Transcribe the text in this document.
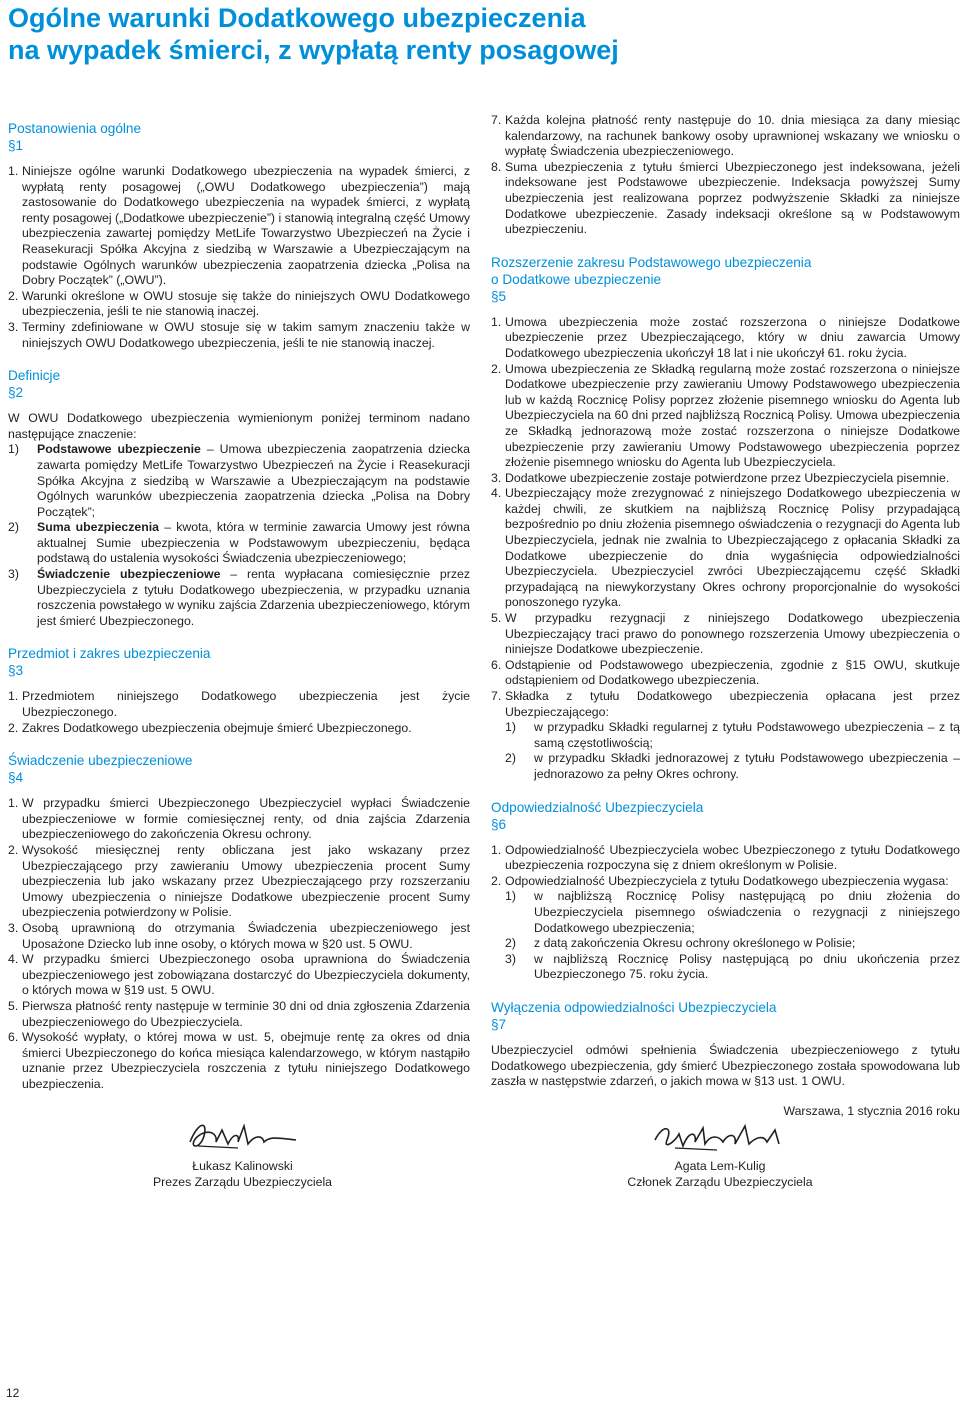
Ogólne warunki Dodatkowego ubezpieczenia
na wypadek śmierci, z wypłatą renty posagowej

Postanowienia ogólne

§1

1. Niniejsze ogólne warunki Dodatkowego ubezpieczenia na wypadek śmierci, z wypłatą renty posagowej („OWU Dodatkowego ubezpieczenia”) mają zastosowanie do Dodatkowego ubezpieczenia na wypadek śmierci, z wypłatą renty posagowej („Dodatkowe ubezpieczenie”) i stanowią integralną część Umowy ubezpieczenia zawartej pomiędzy MetLife Towarzystwo Ubezpieczeń na Życie i Reasekuracji Spółka Akcyjna z siedzibą w Warszawie a Ubezpieczającym na podstawie Ogólnych warunków ubezpieczenia zaopatrzenia dziecka „Polisa na Dobry Początek” („OWU”).

2. Warunki określone w OWU stosuje się także do niniejszych OWU Dodatkowego ubezpieczenia, jeśli te nie stanowią inaczej.

3. Terminy zdefiniowane w OWU stosuje się w takim samym znaczeniu także w niniejszych OWU Dodatkowego ubezpieczenia, jeśli te nie stanowią inaczej.

Definicje

§2

W OWU Dodatkowego ubezpieczenia wymienionym poniżej terminom nadano następujące znaczenie:

1) Podstawowe ubezpieczenie – Umowa ubezpieczenia zaopatrzenia dziecka zawarta pomiędzy MetLife Towarzystwo Ubezpieczeń na Życie i Reasekuracji Spółka Akcyjna z siedzibą w Warszawie a Ubezpieczającym na podstawie Ogólnych warunków ubezpieczenia zaopatrzenia dziecka „Polisa na Dobry Początek”;

2) Suma ubezpieczenia – kwota, która w terminie zawarcia Umowy jest równa aktualnej Sumie ubezpieczenia w Podstawowym ubezpieczeniu, będąca podstawą do ustalenia wysokości Świadczenia ubezpieczeniowego;

3) Świadczenie ubezpieczeniowe – renta wypłacana comiesięcznie przez Ubezpieczyciela z tytułu Dodatkowego ubezpieczenia, w przypadku uznania roszczenia powstałego w wyniku zajścia Zdarzenia ubezpieczeniowego, którym jest śmierć Ubezpieczonego.

Przedmiot i zakres ubezpieczenia

§3

1. Przedmiotem niniejszego Dodatkowego ubezpieczenia jest życie Ubezpieczonego.

2. Zakres Dodatkowego ubezpieczenia obejmuje śmierć Ubezpieczonego.

Świadczenie ubezpieczeniowe

§4

1. W przypadku śmierci Ubezpieczonego Ubezpieczyciel wypłaci Świadczenie ubezpieczeniowe w formie comiesięcznej renty, od dnia zajścia Zdarzenia ubezpieczeniowego do zakończenia Okresu ochrony.

2. Wysokość miesięcznej renty obliczana jest jako wskazany przez Ubezpieczającego przy zawieraniu Umowy ubezpieczenia procent Sumy ubezpieczenia lub jako wskazany przez Ubezpieczającego przy rozszerzaniu Umowy ubezpieczenia o niniejsze Dodatkowe ubezpieczenie procent Sumy ubezpieczenia potwierdzony w Polisie.

3. Osobą uprawnioną do otrzymania Świadczenia ubezpieczeniowego jest Uposażone Dziecko lub inne osoby, o których mowa w §20 ust. 5 OWU.

4. W przypadku śmierci Ubezpieczonego osoba uprawniona do Świadczenia ubezpieczeniowego jest zobowiązana dostarczyć do Ubezpieczyciela dokumenty, o których mowa w §19 ust. 5 OWU.

5. Pierwsza płatność renty następuje w terminie 30 dni od dnia zgłoszenia Zdarzenia ubezpieczeniowego do Ubezpieczyciela.

6. Wysokość wypłaty, o której mowa w ust. 5, obejmuje rentę za okres od dnia śmierci Ubezpieczonego do końca miesiąca kalendarzowego, w którym nastąpiło uznanie przez Ubezpieczyciela roszczenia z tytułu niniejszego Dodatkowego ubezpieczenia.

7. Każda kolejna płatność renty następuje do 10. dnia miesiąca za dany miesiąc kalendarzowy, na rachunek bankowy osoby uprawnionej wskazany we wniosku o wypłatę Świadczenia ubezpieczeniowego.

8. Suma ubezpieczenia z tytułu śmierci Ubezpieczonego jest indeksowana, jeżeli indeksowane jest Podstawowe ubezpieczenie. Indeksacja powyższej Sumy ubezpieczenia jest realizowana poprzez podwyższenie Składki za niniejsze Dodatkowe ubezpieczenie. Zasady indeksacji określone są w Podstawowym ubezpieczeniu.

Rozszerzenie zakresu Podstawowego ubezpieczenia
o Dodatkowe ubezpieczenie

§5

1. Umowa ubezpieczenia może zostać rozszerzona o niniejsze Dodatkowe ubezpieczenie przez Ubezpieczającego, który w dniu zawarcia Umowy Dodatkowego ubezpieczenia ukończył 18 lat i nie ukończył 61. roku życia.

2. Umowa ubezpieczenia ze Składką regularną może zostać rozszerzona o niniejsze Dodatkowe ubezpieczenie przy zawieraniu Umowy Podstawowego ubezpieczenia lub w każdą Rocznicę Polisy poprzez złożenie pisemnego wniosku do Agenta lub Ubezpieczyciela na 60 dni przed najbliższą Rocznicą Polisy. Umowa ubezpieczenia ze Składką jednorazową może zostać rozszerzona o niniejsze Dodatkowe ubezpieczenie przy zawieraniu Umowy Podstawowego ubezpieczenia poprzez złożenie pisemnego wniosku do Agenta lub Ubezpieczyciela.

3. Dodatkowe ubezpieczenie zostaje potwierdzone przez Ubezpieczyciela pisemnie.

4. Ubezpieczający może zrezygnować z niniejszego Dodatkowego ubezpieczenia w każdej chwili, ze skutkiem na najbliższą Rocznicę Polisy przypadającą bezpośrednio po dniu złożenia pisemnego oświadczenia o rezygnacji do Agenta lub Ubezpieczyciela, jednak nie zwalnia to Ubezpieczającego z opłacania Składki za Dodatkowe ubezpieczenie do dnia wygaśnięcia odpowiedzialności Ubezpieczyciela. Ubezpieczyciel zwróci Ubezpieczającemu część Składki przypadającą na niewykorzystany Okres ochrony proporcjonalnie do wysokości ponoszonego ryzyka.

5. W przypadku rezygnacji z niniejszego Dodatkowego ubezpieczenia Ubezpieczający traci prawo do ponownego rozszerzenia Umowy ubezpieczenia o niniejsze Dodatkowe ubezpieczenie.

6. Odstąpienie od Podstawowego ubezpieczenia, zgodnie z §15 OWU, skutkuje odstąpieniem od Dodatkowego ubezpieczenia.

7. Składka z tytułu Dodatkowego ubezpieczenia opłacana jest przez Ubezpieczającego:

1) w przypadku Składki regularnej z tytułu Podstawowego ubezpieczenia – z tą samą częstotliwością;

2) w przypadku Składki jednorazowej z tytułu Podstawowego ubezpieczenia – jednorazowo za pełny Okres ochrony.

Odpowiedzialność Ubezpieczyciela

§6

1. Odpowiedzialność Ubezpieczyciela wobec Ubezpieczonego z tytułu Dodatkowego ubezpieczenia rozpoczyna się z dniem określonym w Polisie.

2. Odpowiedzialność Ubezpieczyciela z tytułu Dodatkowego ubezpieczenia wygasa:

1) w najbliższą Rocznicę Polisy następującą po dniu złożenia do Ubezpieczyciela pisemnego oświadczenia o rezygnacji z niniejszego Dodatkowego ubezpieczenia;

2) z datą zakończenia Okresu ochrony określonego w Polisie;

3) w najbliższą Rocznicę Polisy następującą po dniu ukończenia przez Ubezpieczonego 75. roku życia.

Wyłączenia odpowiedzialności Ubezpieczyciela

§7

Ubezpieczyciel odmówi spełnienia Świadczenia ubezpieczeniowego z tytułu Dodatkowego ubezpieczenia, gdy śmierć Ubezpieczonego została spowodowana lub zaszła w następstwie zdarzeń, o jakich mowa w §13 ust. 1 OWU.

Warszawa, 1 stycznia 2016 roku

Łukasz Kalinowski
Prezes Zarządu Ubezpieczyciela
Agata Lem-Kulig
Członek Zarządu Ubezpieczyciela
12
